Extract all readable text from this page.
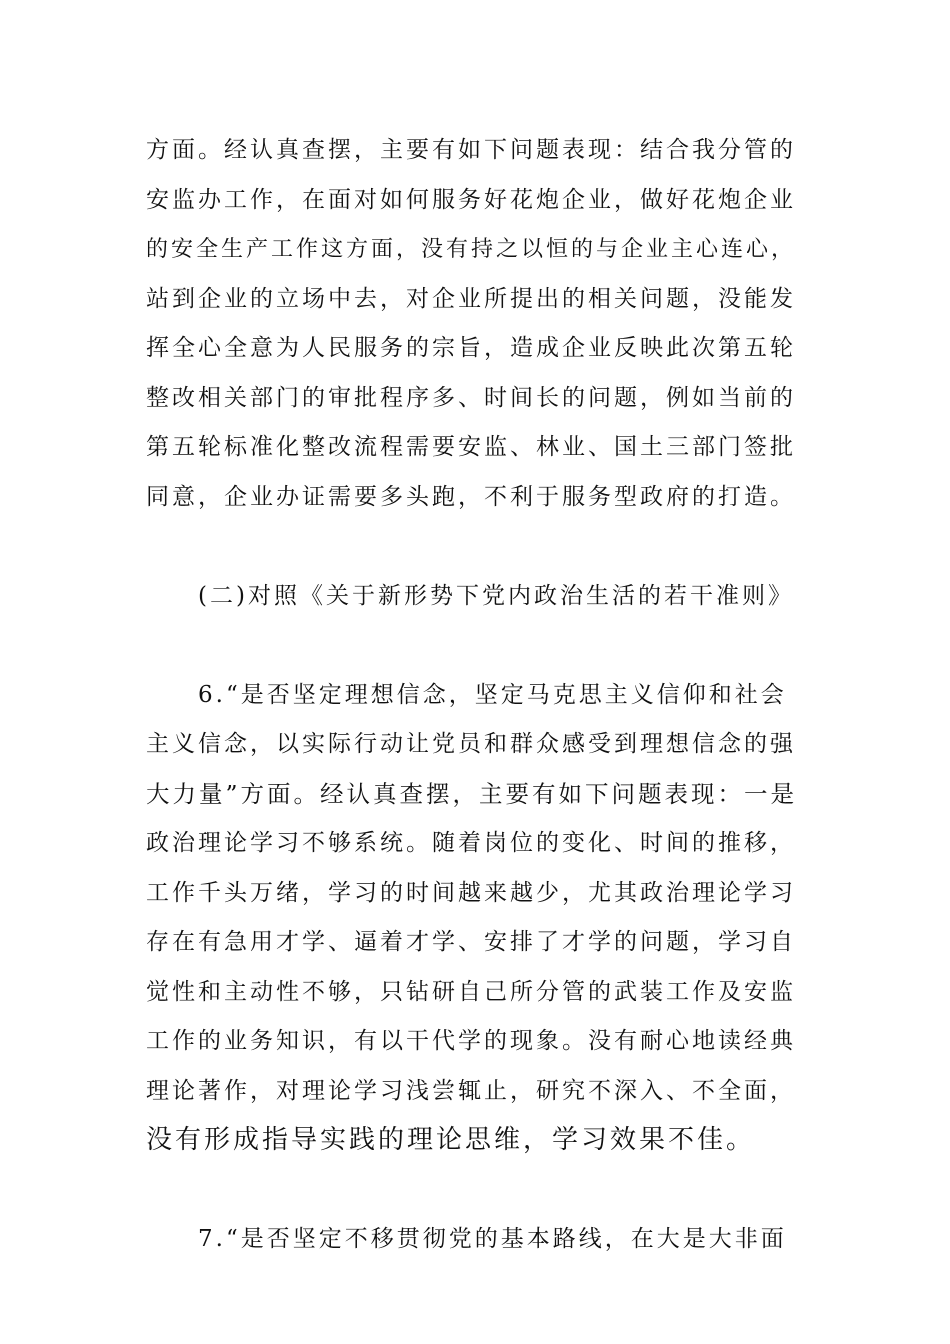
方面。经认真查摆，主要有如下问题表现：结合我分管的
安监办工作，在面对如何服务好花炮企业，做好花炮企业
的安全生产工作这方面，没有持之以恒的与企业主心连心，
站到企业的立场中去，对企业所提出的相关问题，没能发
挥全心全意为人民服务的宗旨，造成企业反映此次第五轮
整改相关部门的审批程序多、时间长的问题，例如当前的
第五轮标准化整改流程需要安监、林业、国土三部门签批
同意，企业办证需要多头跑，不利于服务型政府的打造。
(二)对照《关于新形势下党内政治生活的若干准则》
6.“是否坚定理想信念，坚定马克思主义信仰和社会
主义信念，以实际行动让党员和群众感受到理想信念的强
大力量”方面。经认真查摆，主要有如下问题表现：一是
政治理论学习不够系统。随着岗位的变化、时间的推移，
工作千头万绪，学习的时间越来越少，尤其政治理论学习
存在有急用才学、逼着才学、安排了才学的问题，学习自
觉性和主动性不够，只钻研自己所分管的武装工作及安监
工作的业务知识，有以干代学的现象。没有耐心地读经典
理论著作，对理论学习浅尝辄止，研究不深入、不全面，
没有形成指导实践的理论思维，学习效果不佳。
7.“是否坚定不移贯彻党的基本路线，在大是大非面
